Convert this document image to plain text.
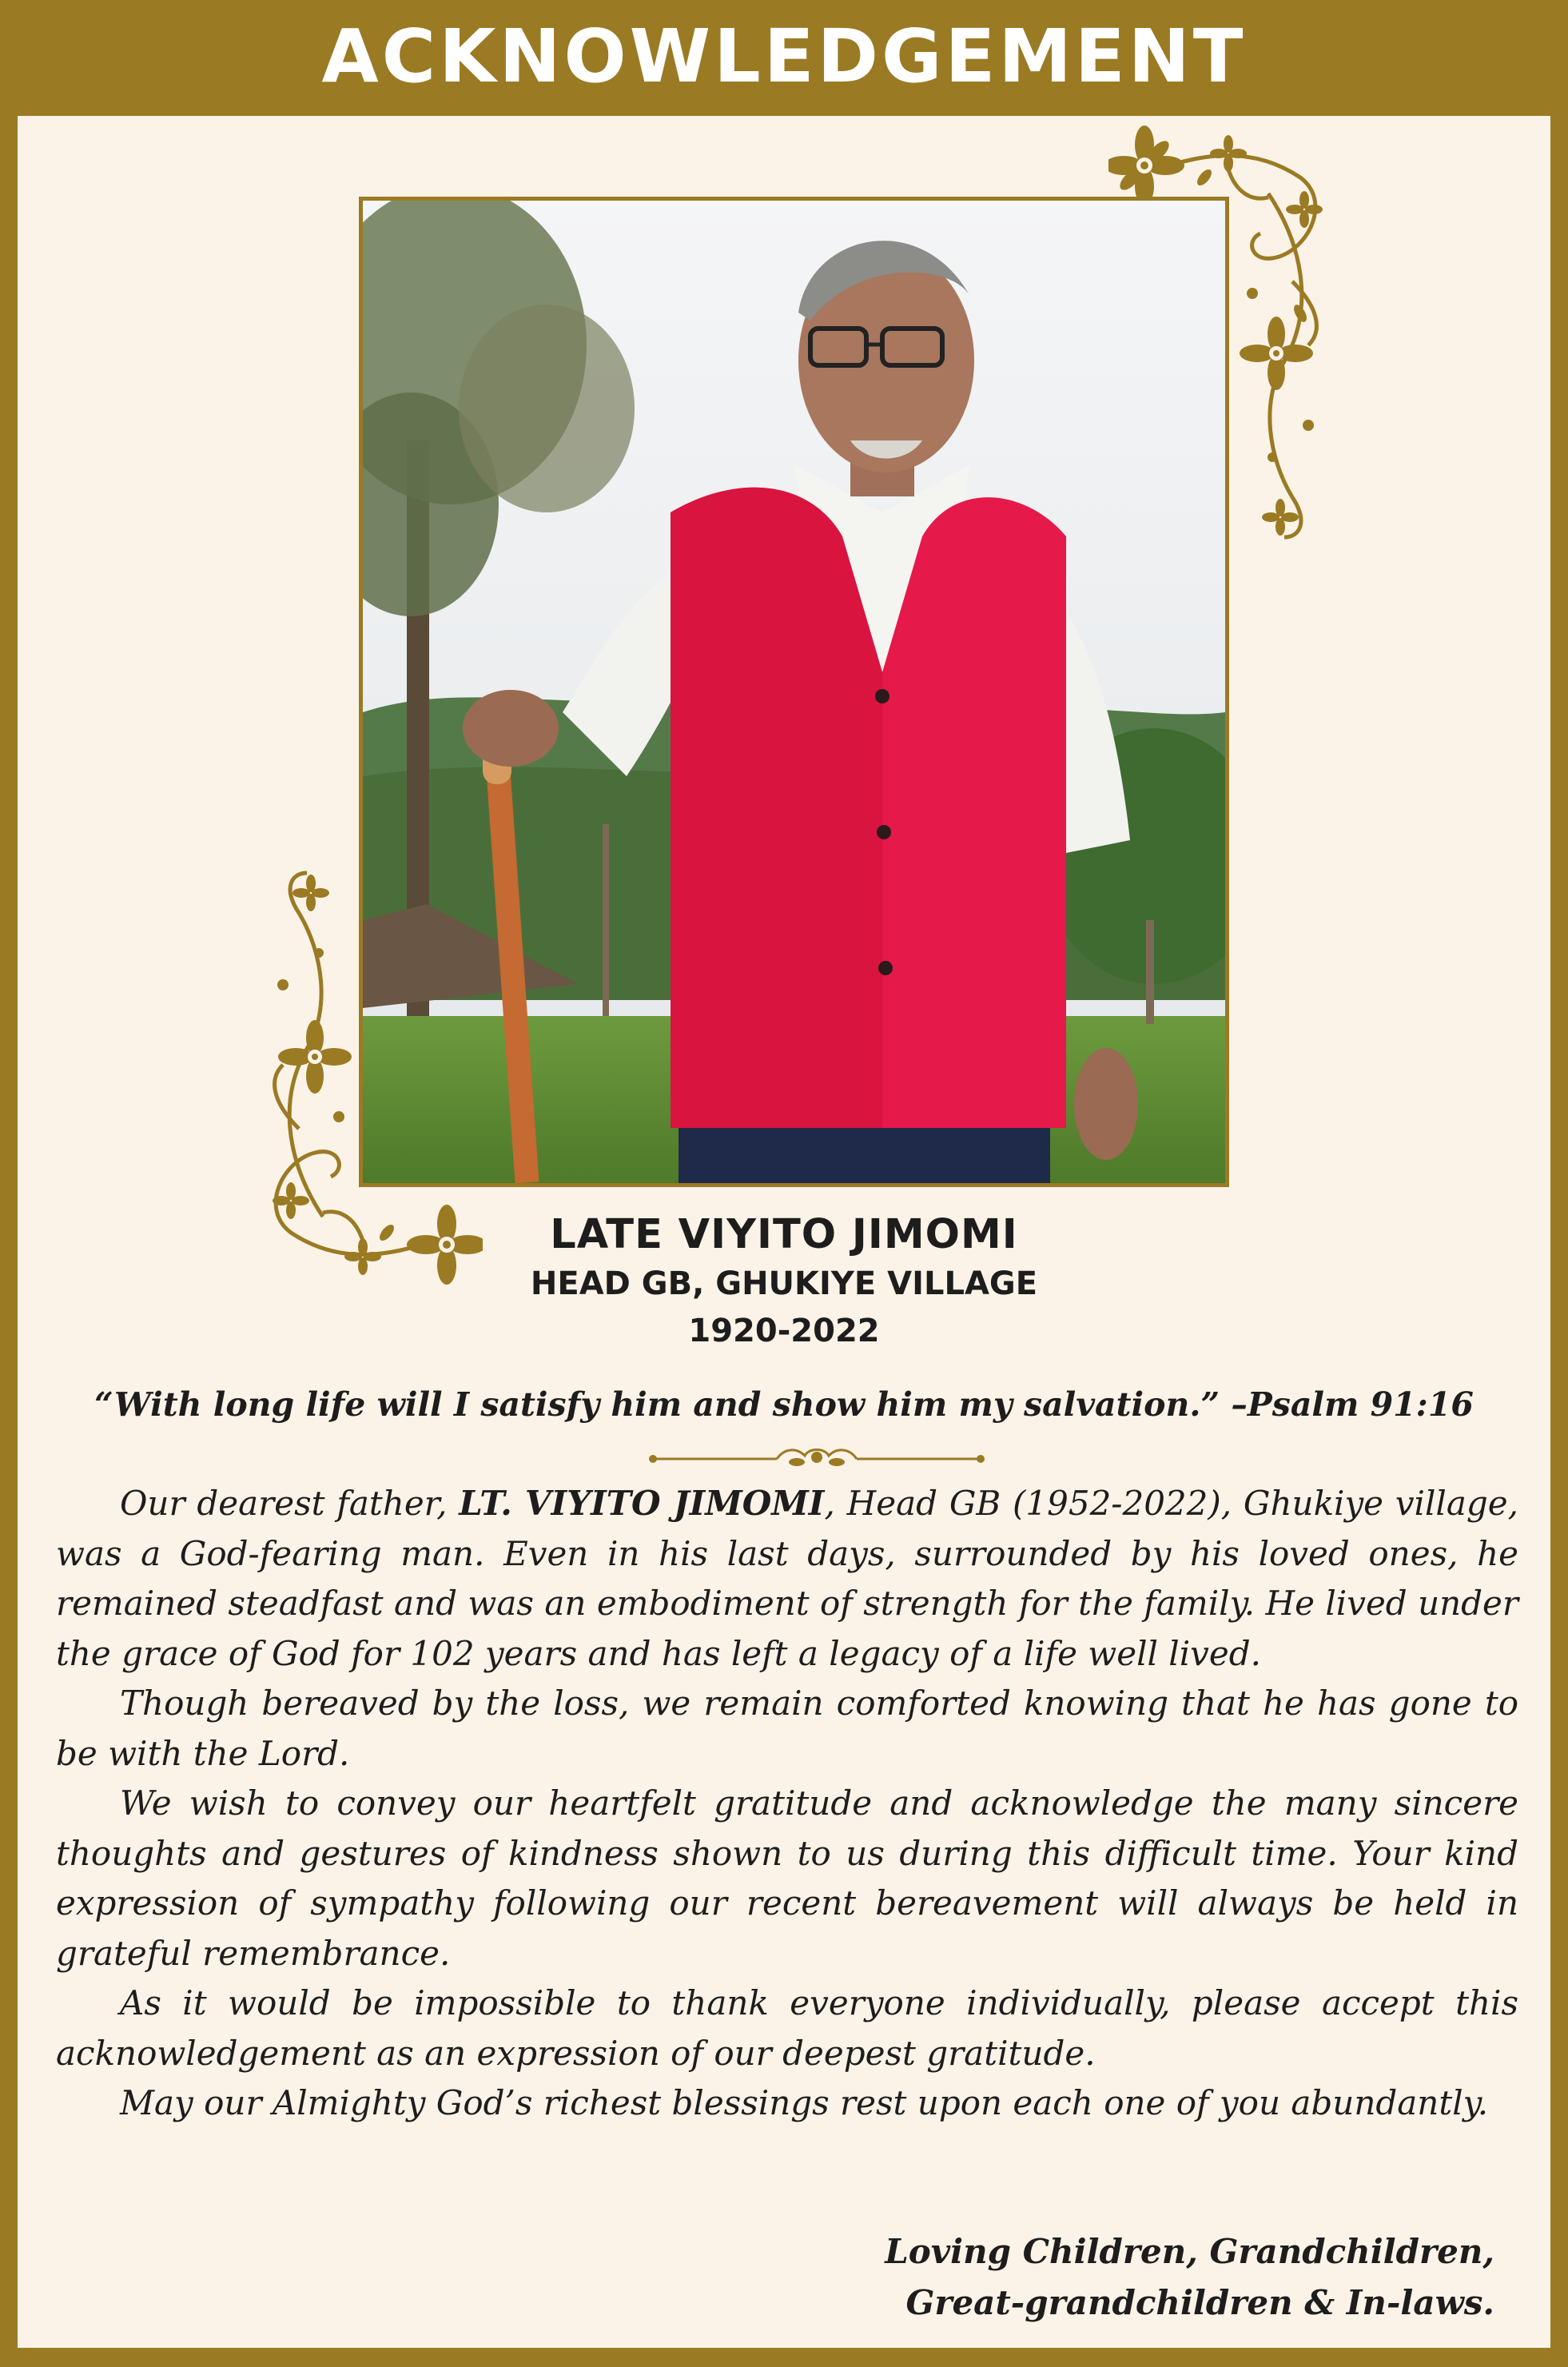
ACKNOWLEDGEMENT
LATE VIYITO JIMOMI
HEAD GB, GHUKIYE VILLAGE
1920-2022
“With long life will I satisfy him and show him my salvation.” –Psalm 91:16

Our dearest father, LT. VIYITO JIMOMI, Head GB (1952-2022), Ghukiye village, was a God-fearing man. Even in his last days, surrounded by his loved ones, he remained steadfast and was an embodiment of strength for the family. He lived under the grace of God for 102 years and has left a legacy of a life well lived.

Though bereaved by the loss, we remain comforted knowing that he has gone to be with the Lord.

We wish to convey our heartfelt gratitude and acknowledge the many sincere thoughts and gestures of kindness shown to us during this difficult time. Your kind expression of sympathy following our recent bereavement will always be held in grateful remembrance.

As it would be impossible to thank everyone individually, please accept this acknowledgement as an expression of our deepest gratitude.

May our Almighty God’s richest blessings rest upon each one of you abundantly.

Loving Children, Grandchildren,
Great-grandchildren & In-laws.
